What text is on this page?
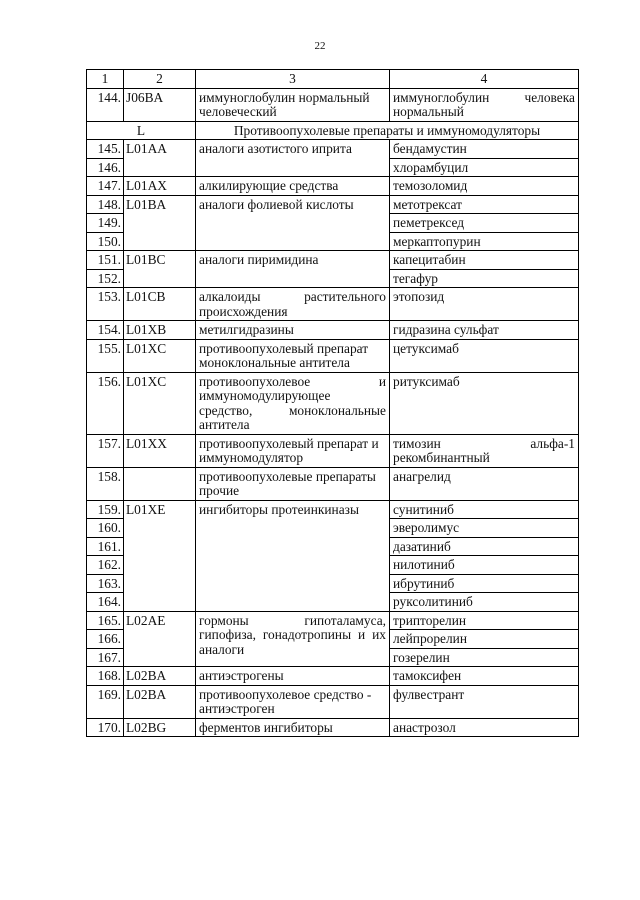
22
1	2	3	4
144.	J06BA	иммуноглобулин нормальный человеческий	иммуноглобулин человека нормальный
L		Противоопухолевые препараты и иммуномодуляторы	
145.	L01AA	аналоги азотистого иприта	бендамустин
146.			хлорамбуцил
147.	L01AX	алкилирующие средства	темозоломид
148.	L01BA	аналоги фолиевой кислоты	метотрексат
149.			пеметрексед
150.			меркаптопурин
151.	L01BC	аналоги пиримидина	капецитабин
152.			тегафур
153.	L01CB	алкалоиды растительного происхождения	этопозид
154.	L01XB	метилгидразины	гидразина сульфат
155.	L01XC	противоопухолевый препарат моноклональные антитела	цетуксимаб
156.	L01XC	противоопухолевое и иммуномодулирующее средство, моноклональные антитела	ритуксимаб
157.	L01XX	противоопухолевый препарат и иммуномодулятор	тимозин альфа-1 рекомбинантный
158.		противоопухолевые препараты прочие	анагрелид
159.	L01XE	ингибиторы протеинкиназы	сунитиниб
160.			эверолимус
161.			дазатиниб
162.			нилотиниб
163.			ибрутиниб
164.			руксолитиниб
165.	L02AE	гормоны гипоталамуса, гипофиза, гонадотропины и их аналоги	трипторелин
166.			лейпрорелин
167.			гозерелин
168.	L02BA	антиэстрогены	тамоксифен
169.	L02BA	противоопухолевое средство - антиэстроген	фулвестрант
170.	L02BG	ферментов ингибиторы	анастрозол
